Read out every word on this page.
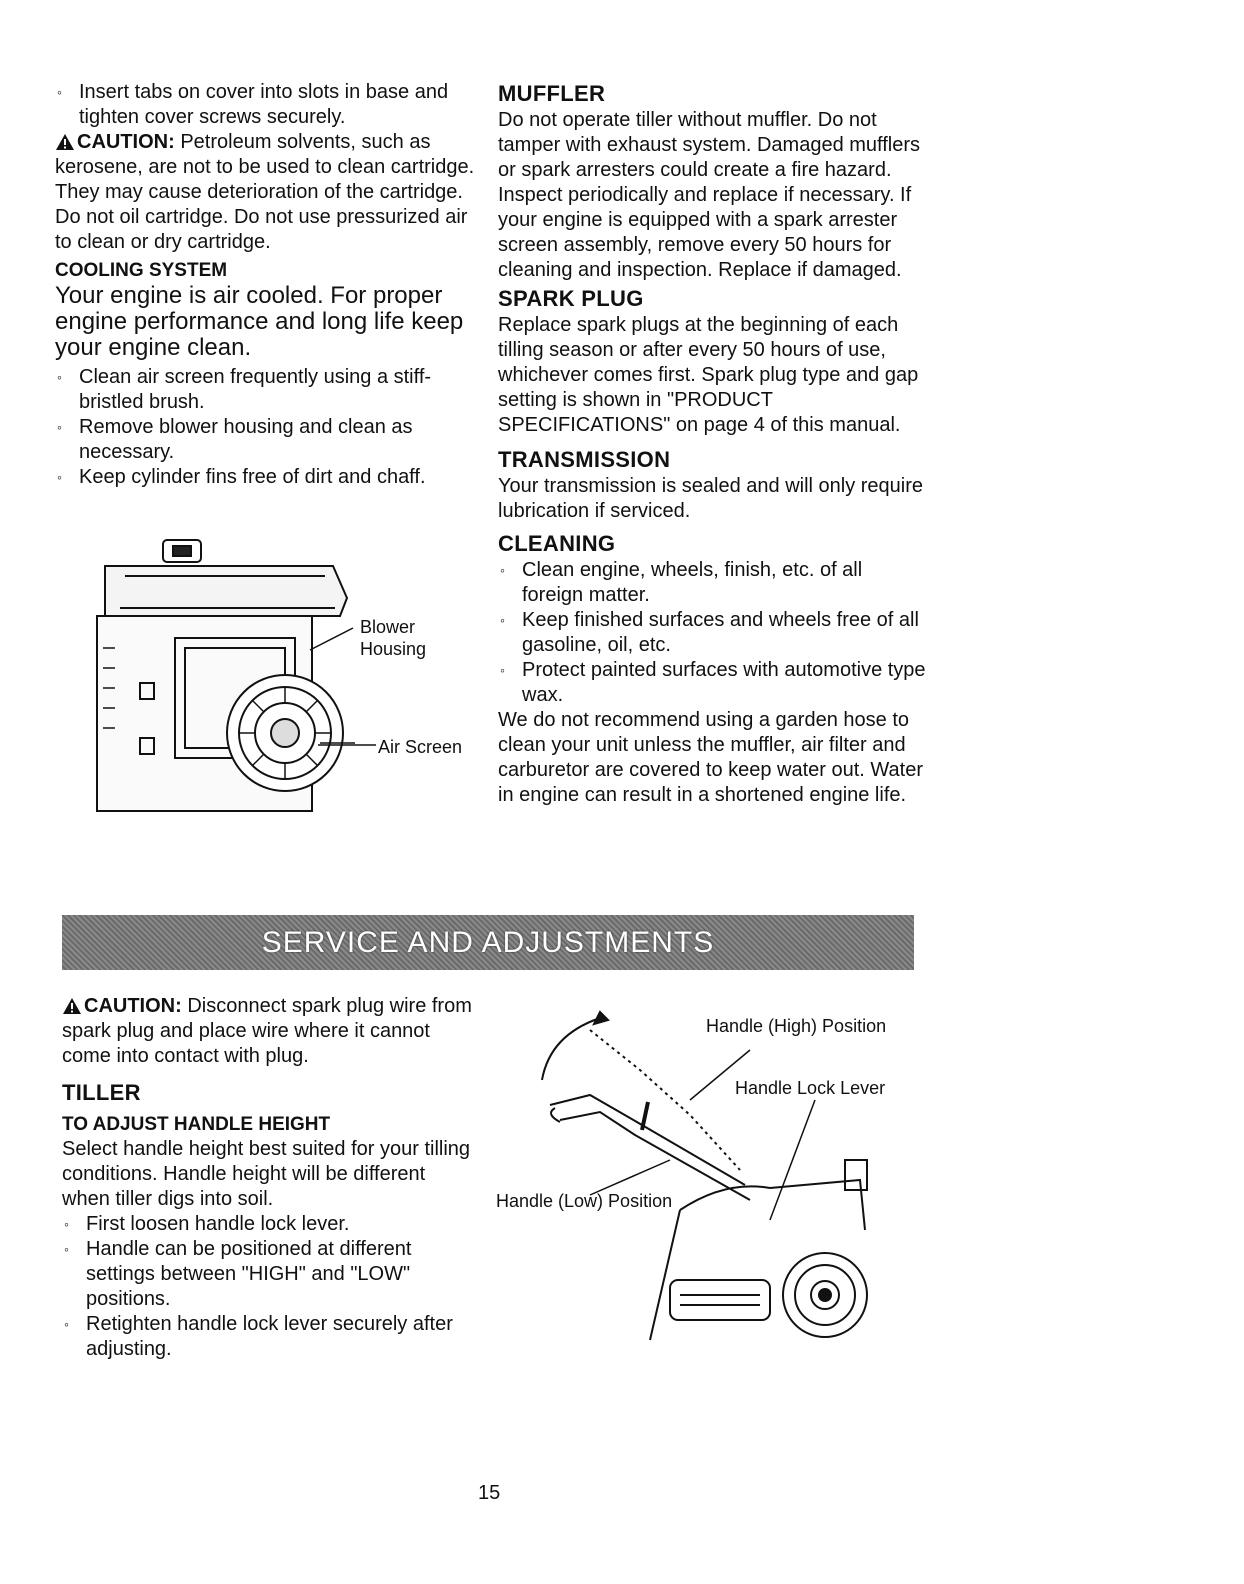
◦ Insert tabs on cover into slots in base and tighten cover screws securely.

CAUTION: Petroleum solvents, such as kerosene, are not to be used to clean cartridge. They may cause deterioration of the cartridge. Do not oil cartridge. Do not use pressurized air to clean or dry cartridge.

COOLING SYSTEM

Your engine is air cooled. For proper engine performance and long life keep your engine clean.

◦ Clean air screen frequently using a stiff-bristled brush.
◦ Remove blower housing and clean as necessary.
◦ Keep cylinder fins free of dirt and chaff.
Blower
Housing
Air Screen
MUFFLER

Do not operate tiller without muffler. Do not tamper with exhaust system. Damaged mufflers or spark arresters could create a fire hazard. Inspect periodically and replace if necessary. If your engine is equipped with a spark arrester screen assembly, remove every 50 hours for cleaning and inspection. Replace if damaged.

SPARK PLUG

Replace spark plugs at the beginning of each tilling season or after every 50 hours of use, whichever comes first. Spark plug type and gap setting is shown in "PRODUCT SPECIFICATIONS" on page 4 of this manual.

TRANSMISSION

Your transmission is sealed and will only require lubrication if serviced.

CLEANING
◦ Clean engine, wheels, finish, etc. of all foreign matter.
◦ Keep finished surfaces and wheels free of all gasoline, oil, etc.
◦ Protect painted surfaces with automotive type wax.

We do not recommend using a garden hose to clean your unit unless the muffler, air filter and carburetor are covered to keep water out. Water in engine can result in a shortened engine life.

SERVICE AND ADJUSTMENTS

CAUTION: Disconnect spark plug wire from spark plug and place wire where it cannot come into contact with plug.

TILLER
TO ADJUST HANDLE HEIGHT

Select handle height best suited for your tilling conditions. Handle height will be different when tiller digs into soil.

◦ First loosen handle lock lever.
◦ Handle can be positioned at different settings between "HIGH" and "LOW" positions.
◦ Retighten handle lock lever securely after adjusting.
Handle (High) Position
Handle Lock Lever
Handle (Low) Position
15
